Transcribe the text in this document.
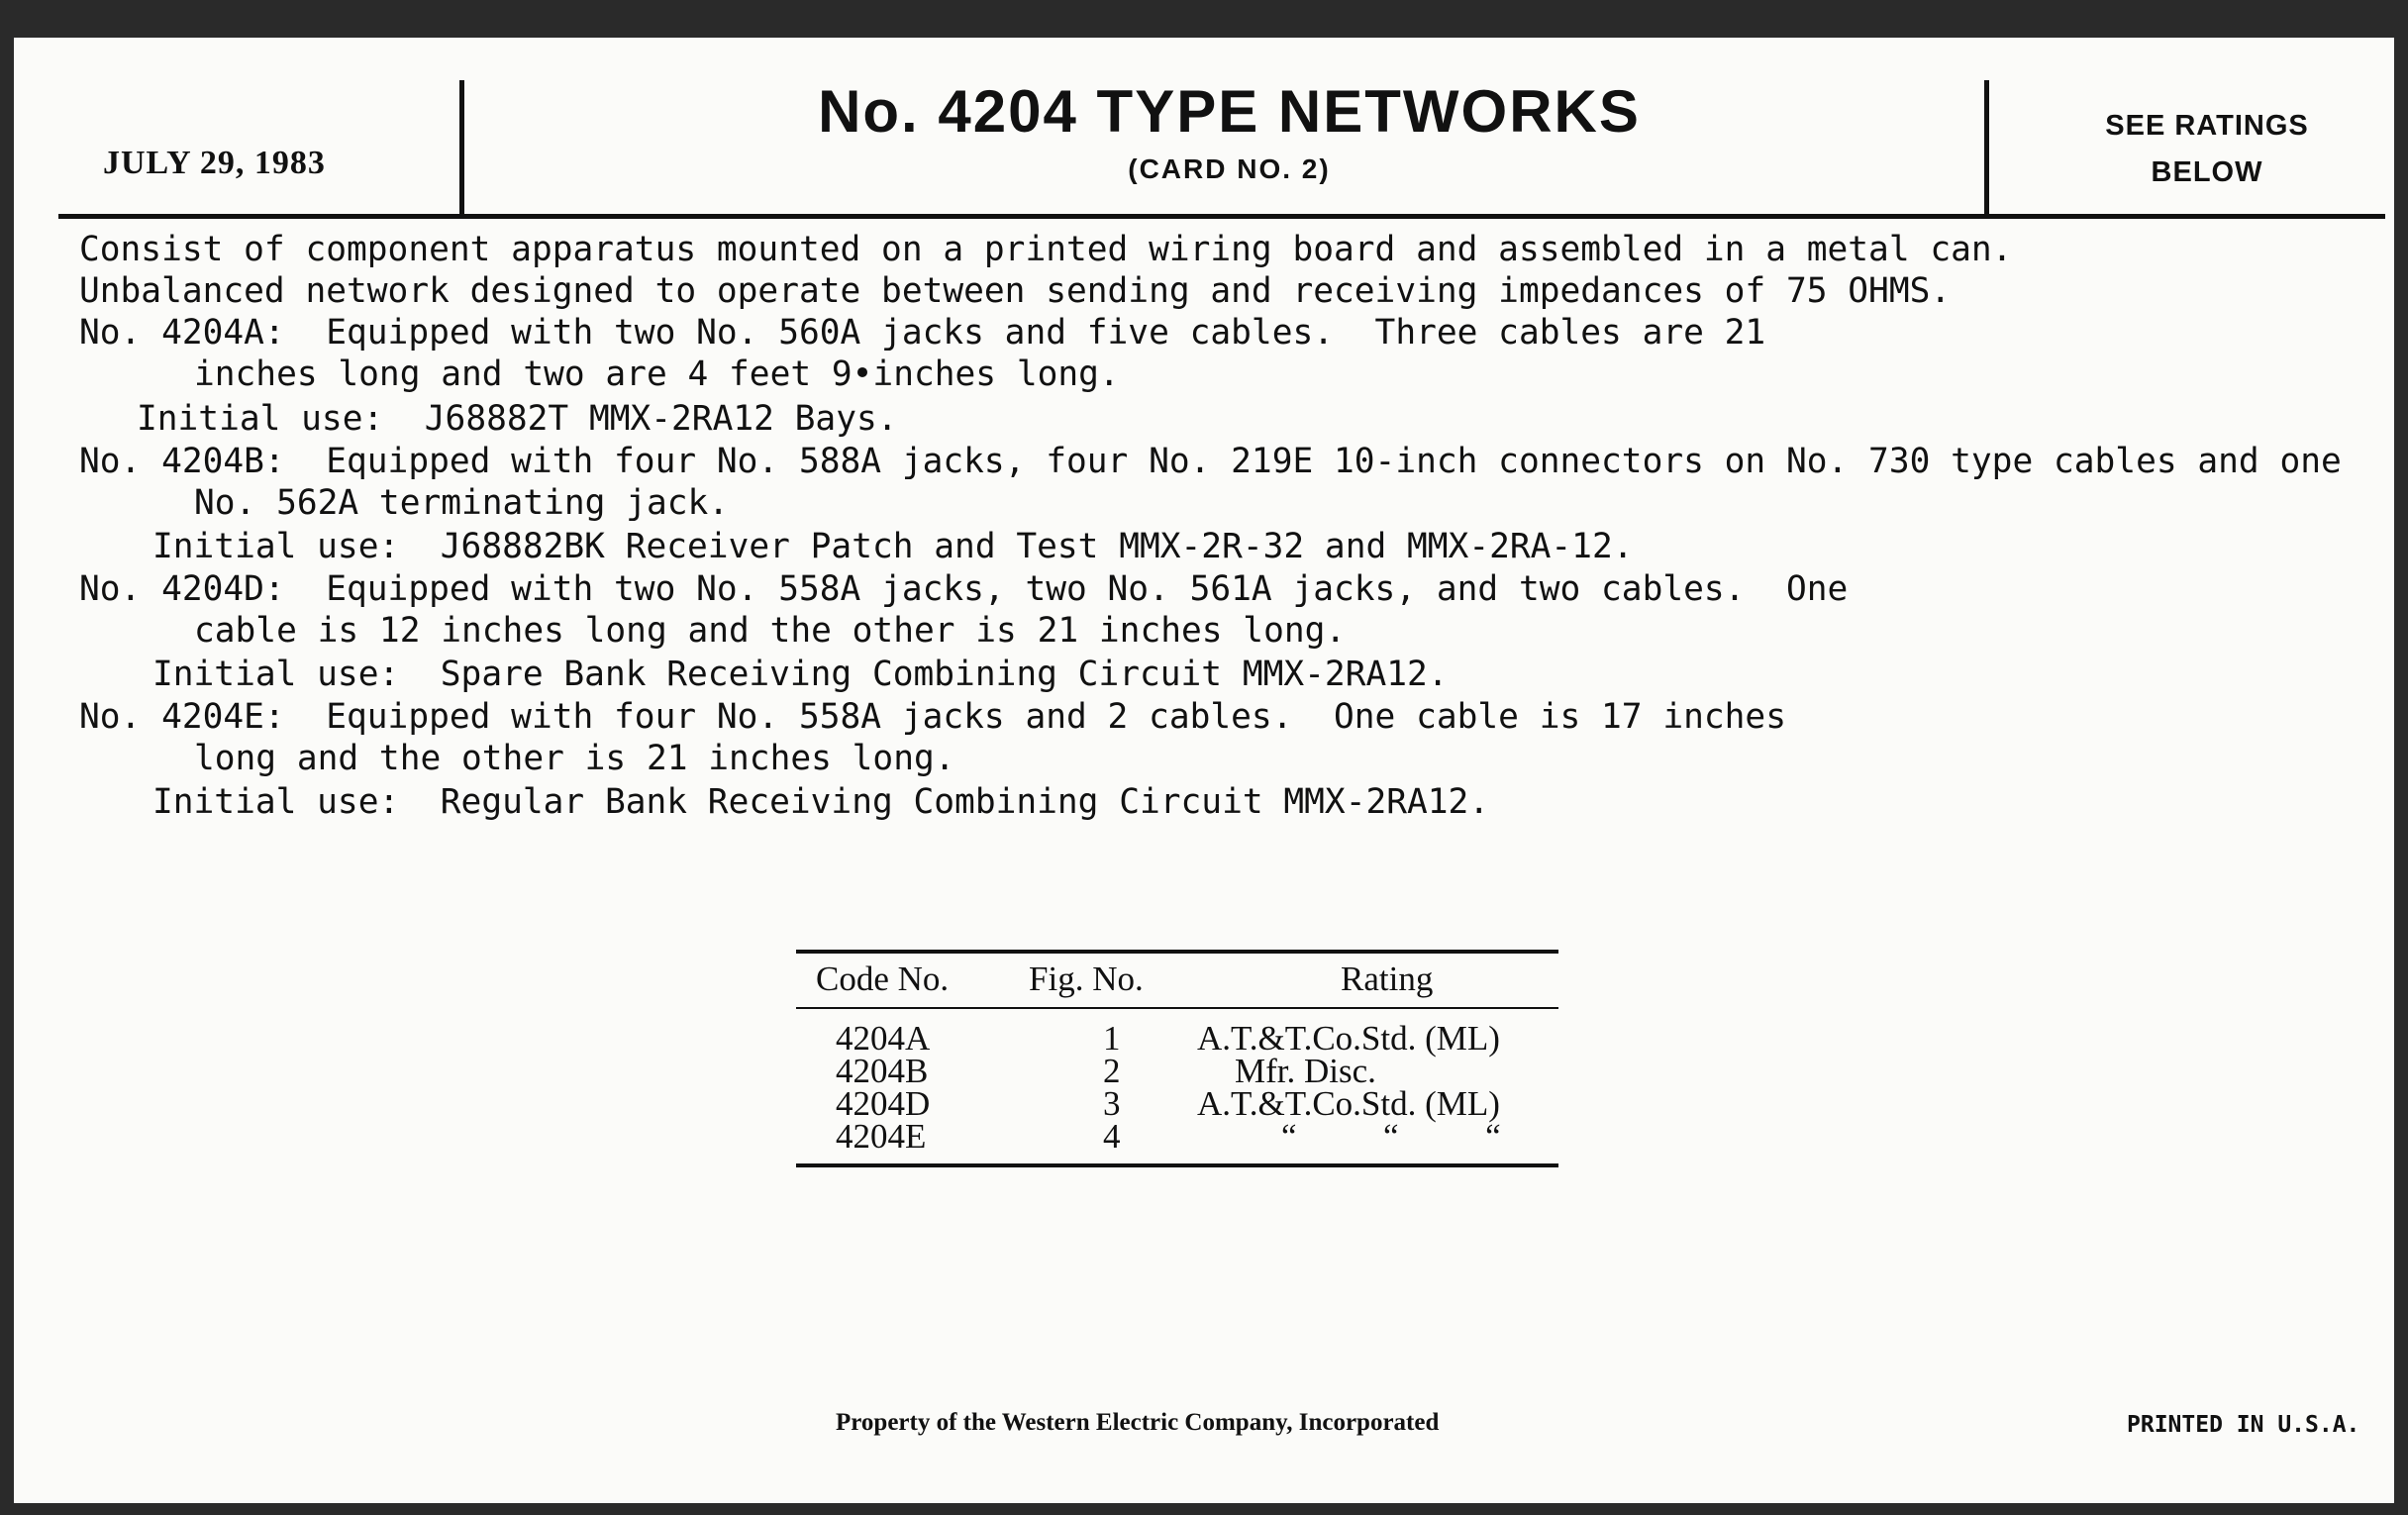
JULY 29, 1983
No. 4204 TYPE NETWORKS
(CARD NO. 2)
SEE RATINGS
BELOW
Consist of component apparatus mounted on a printed wiring board and assembled in a metal can.
Unbalanced network designed to operate between sending and receiving impedances of 75 OHMS.
No. 4204A:  Equipped with two No. 560A jacks and five cables.  Three cables are 21
inches long and two are 4 feet 9•inches long.
Initial use:  J68882T MMX-2RA12 Bays.
No. 4204B:  Equipped with four No. 588A jacks, four No. 219E 10-inch connectors on No. 730 type cables and one
No. 562A terminating jack.
Initial use:  J68882BK Receiver Patch and Test MMX-2R-32 and MMX-2RA-12.
No. 4204D:  Equipped with two No. 558A jacks, two No. 561A jacks, and two cables.  One
cable is 12 inches long and the other is 21 inches long.
Initial use:  Spare Bank Receiving Combining Circuit MMX-2RA12.
No. 4204E:  Equipped with four No. 558A jacks and 2 cables.  One cable is 17 inches
long and the other is 21 inches long.
Initial use:  Regular Bank Receiving Combining Circuit MMX-2RA12.
Code No. Fig. No.	Rating
4204A	1 A.T.&T.Co.Std. (ML)
4204B	2	Mfr. Disc.
4204D	3 A.T.&T.Co.Std. (ML)
4204E	4	“          “          “
Property of the Western Electric Company, Incorporated	PRINTED IN U.S.A.
